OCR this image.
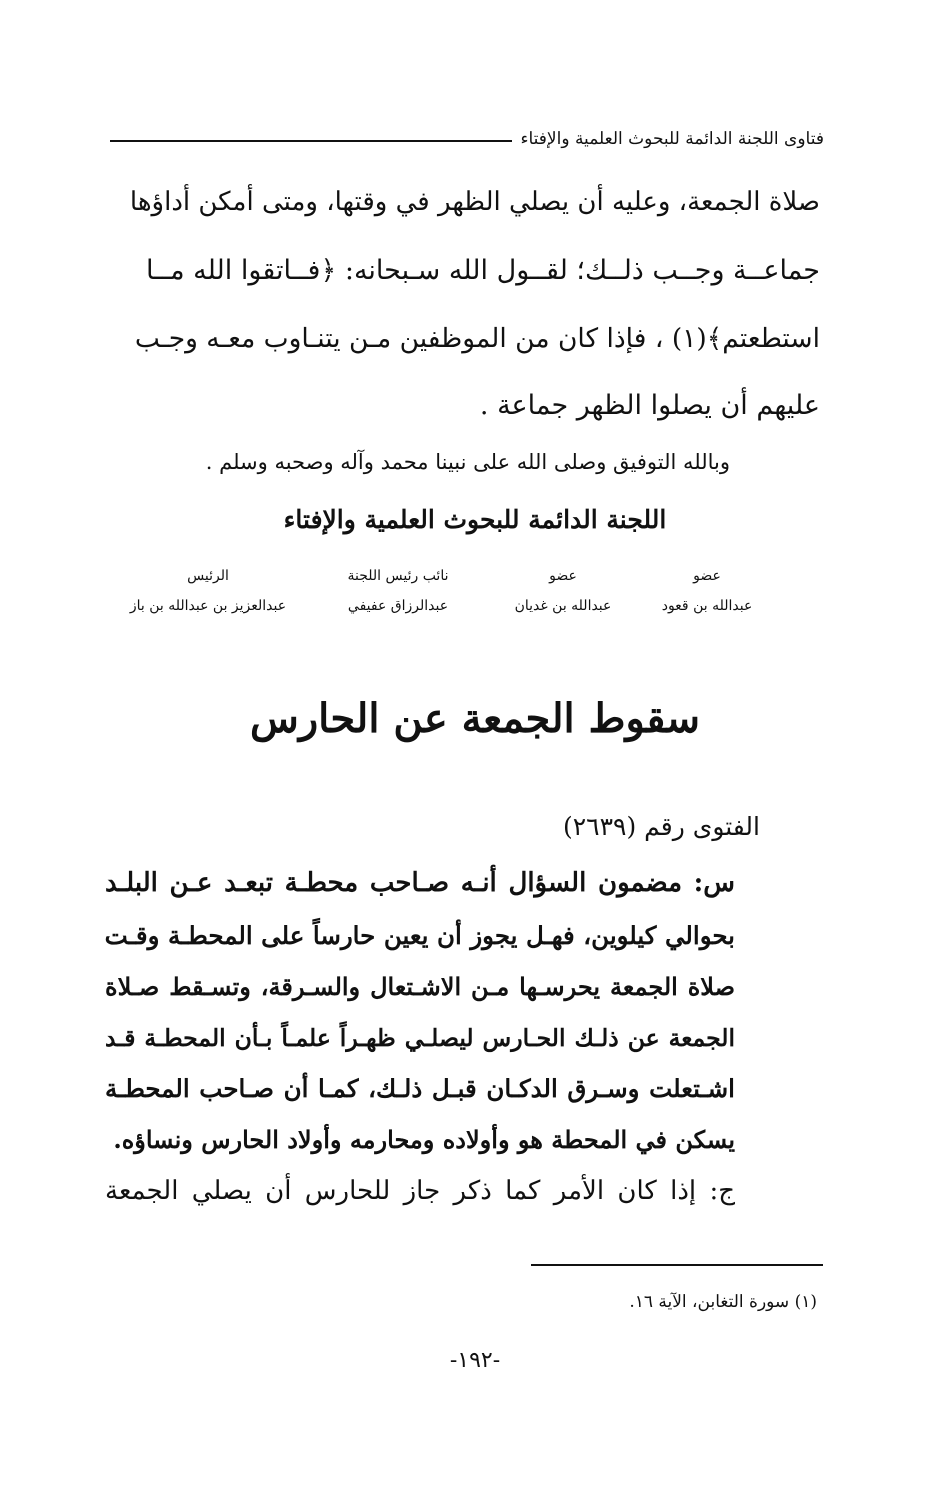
فتاوى اللجنة الدائمة للبحوث العلمية والإفتاء
صلاة الجمعة، وعليه أن يصلي الظهر في وقتها، ومتى أمكن أداؤها
جماعــة وجــب ذلــك؛ لقــول الله سـبحانه: ﴿فــاتقوا الله مــا
استطعتم﴾(١) ، فإذا كان من الموظفين مـن يتنـاوب معـه وجـب
عليهم أن يصلوا الظهر جماعة .
وبالله التوفيق وصلى الله على نبينا محمد وآله وصحبه وسلم .
اللجنة الدائمة للبحوث العلمية والإفتاء
عضو
عبدالله بن قعود
عضو
عبدالله بن غديان
نائب رئيس اللجنة
عبدالرزاق عفيفي
الرئيس
عبدالعزيز بن عبدالله بن باز
سقوط الجمعة عن الحارس
الفتوى رقم (٢٦٣٩)
س: مضمون السؤال أنـه صـاحب محطـة تبعـد عـن البلـد
بحوالي كيلوين، فهـل يجوز أن يعين حارساً على المحطـة وقـت
صلاة الجمعة يحرسـها مـن الاشـتعال والسـرقة، وتسـقط صـلاة
الجمعة عن ذلـك الحـارس ليصلـي ظهـراً علمـاً بـأن المحطـة قـد
اشـتعلت وسـرق الدكـان قبـل ذلـك، كمـا أن صـاحب المحطـة
يسكن في المحطة هو وأولاده ومحارمه وأولاد الحارس ونساؤه.
ج: إذا كان الأمر كما ذكر جاز للحارس أن يصلي الجمعة
(١) سورة التغابن، الآية ١٦.
-١٩٢-
